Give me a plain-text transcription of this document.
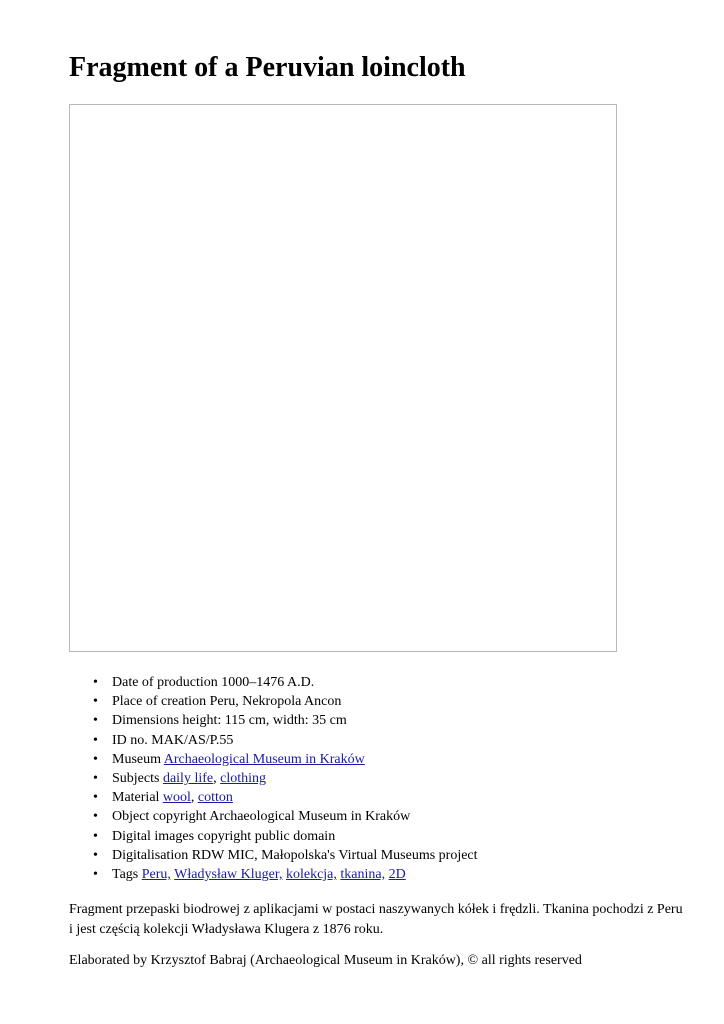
Fragment of a Peruvian loincloth
• Date of production 1000–1476 A.D.
• Place of creation Peru, Nekropola Ancon
• Dimensions height: 115 cm, width: 35 cm
• ID no. MAK/AS/P.55
• Museum Archaeological Museum in Kraków
• Subjects daily life, clothing
• Material wool, cotton
• Object copyright Archaeological Museum in Kraków
• Digital images copyright public domain
• Digitalisation RDW MIC, Małopolska's Virtual Museums project
• Tags Peru, Władysław Kluger, kolekcja, tkanina, 2D

Fragment przepaski biodrowej z aplikacjami w postaci naszywanych kółek i frędzli. Tkanina pochodzi z Peru i jest częścią kolekcji Władysława Klugera z 1876 roku.

Elaborated by Krzysztof Babraj (Archaeological Museum in Kraków), © all rights reserved
